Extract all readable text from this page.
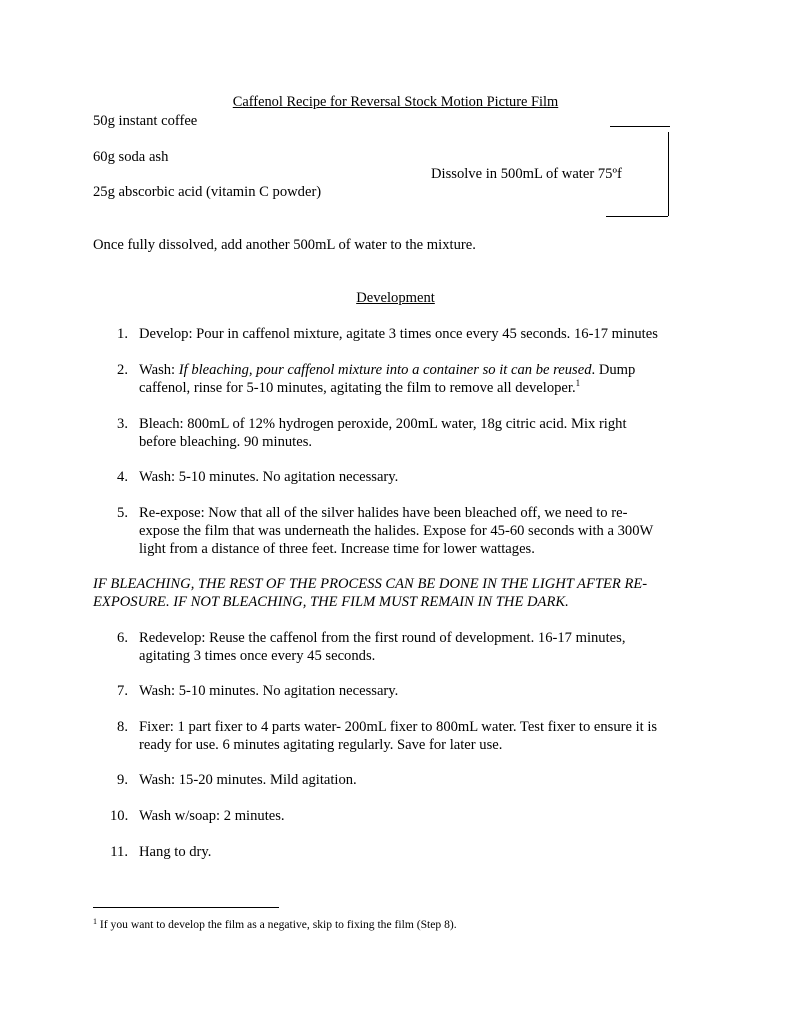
Caffenol Recipe for Reversal Stock Motion Picture Film
50g instant coffee
60g soda ash
25g abscorbic acid (vitamin C powder)
Dissolve in 500mL of water 75ºf
Once fully dissolved, add another 500mL of water to the mixture.
Development
1. Develop: Pour in caffenol mixture, agitate 3 times once every 45 seconds. 16-17 minutes
2. Wash: If bleaching, pour caffenol mixture into a container so it can be reused. Dump
caffenol, rinse for 5-10 minutes, agitating the film to remove all developer.$^1$
3. Bleach: 800mL of 12% hydrogen peroxide, 200mL water, 18g citric acid. Mix right
before bleaching. 90 minutes.
4. Wash: 5-10 minutes. No agitation necessary.
5. Re-expose: Now that all of the silver halides have been bleached off, we need to re-
expose the film that was underneath the halides. Expose for 45-60 seconds with a 300W
light from a distance of three feet. Increase time for lower wattages.
IF BLEACHING, THE REST OF THE PROCESS CAN BE DONE IN THE LIGHT AFTER RE-
EXPOSURE. IF NOT BLEACHING, THE FILM MUST REMAIN IN THE DARK.
6. Redevelop: Reuse the caffenol from the first round of development. 16-17 minutes,
agitating 3 times once every 45 seconds.
7. Wash: 5-10 minutes. No agitation necessary.
8. Fixer: 1 part fixer to 4 parts water- 200mL fixer to 800mL water. Test fixer to ensure it is
ready for use. 6 minutes agitating regularly. Save for later use.
9. Wash: 15-20 minutes. Mild agitation.
10. Wash w/soap: 2 minutes.
11. Hang to dry.
$^1$ If you want to develop the film as a negative, skip to fixing the film (Step 8).
